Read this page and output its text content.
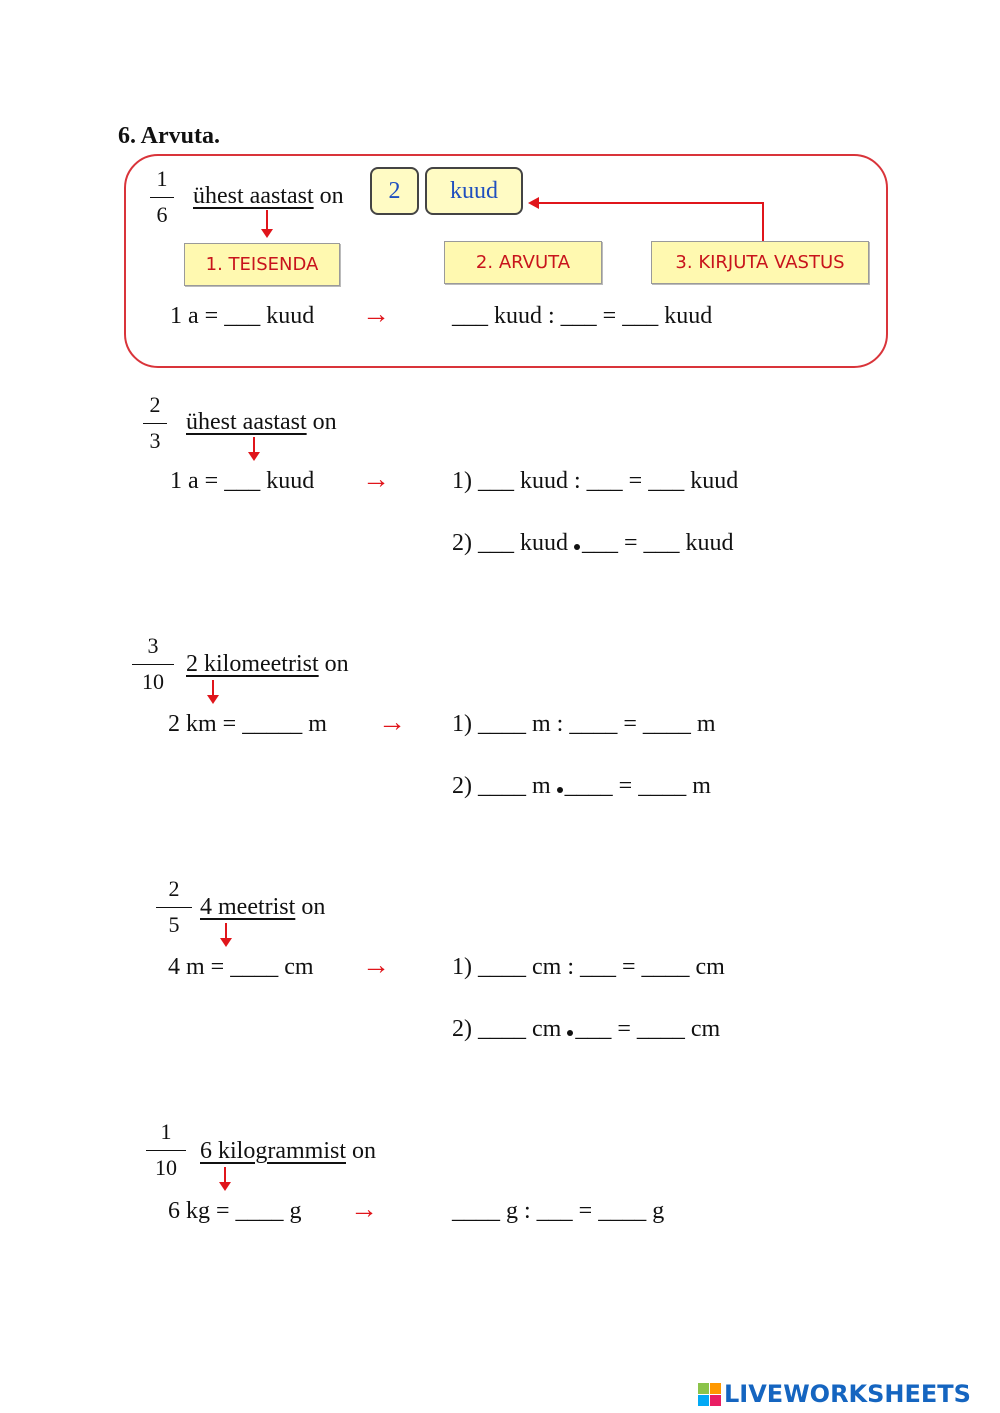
6. Arvuta.
1
6
ühest aastast on	2	kuud
1. TEISENDA	2. ARVUTA	3. KIRJUTA VASTUS
1 a = ___ kuud →	___ kuud : ___ = ___ kuud
2
3
ühest aastast on
1 a = ___ kuud →	1) ___ kuud : ___ = ___ kuud
2) ___ kuud ___ = ___ kuud
3
10
2 kilomeetrist on
2 km = _____ m → 1) ____ m : ____ = ____ m
2) ____ m ____ = ____ m
2
5
4 meetrist on
4 m = ____ cm →	1) ____ cm : ___ = ____ cm
2) ____ cm ___ = ____ cm
1
10
6 kilogrammist on
6 kg = ____ g →	____ g : ___ = ____ g
LIVEWORKSHEETS
